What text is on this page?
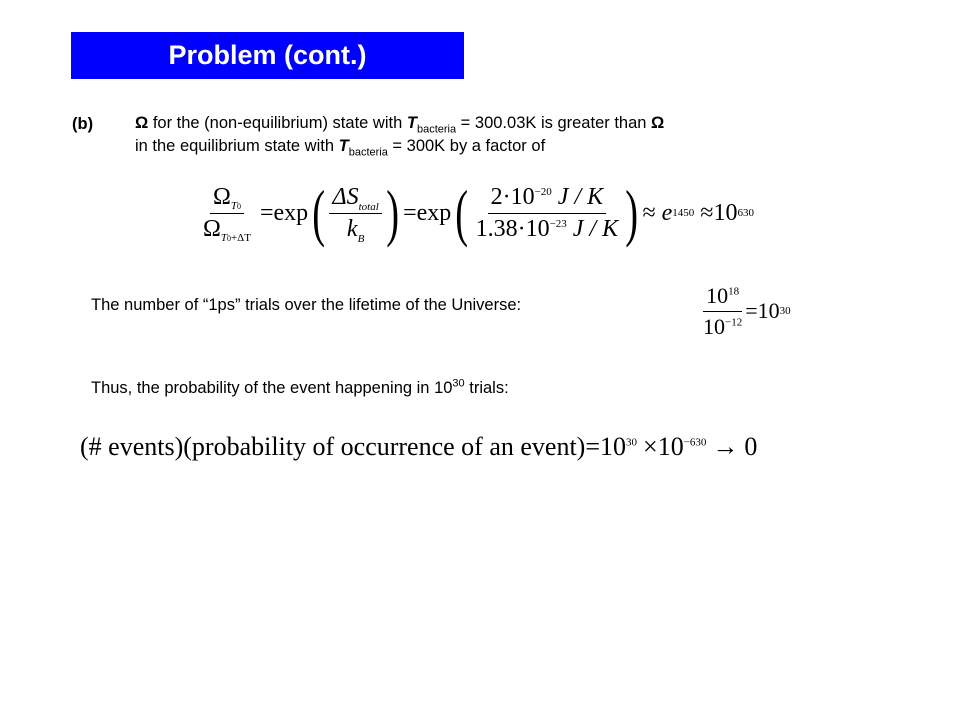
Problem (cont.)
(b)	Ω for the (non-equilibrium) state with $T_{bacteria} = 300.03K$ is greater than Ω
in the equilibrium state with $T_{bacteria} = 300K$ by a factor of
$\frac{\Omega_{T0}}{\Omega_{T0+\Delta T}} = \exp$ ( $\frac{\Delta S_{total}}{k_B}$ ) = exp ( $\frac{2\cdot 10^{-20} J / K}{1.38\cdot 10^{-23} J / K}$ ) ≈ e 1450 ≈ 10 630
The number of “1ps” trials over the lifetime of the Universe:	$\frac{10^{18}}{10^{-12}} = 10$ 30
Thus, the probability of the event happening in $10^{30}$ trials:
(# events)(probability of occurrence of an $event)=10^{30} \times 10^{-630} \to 0$
